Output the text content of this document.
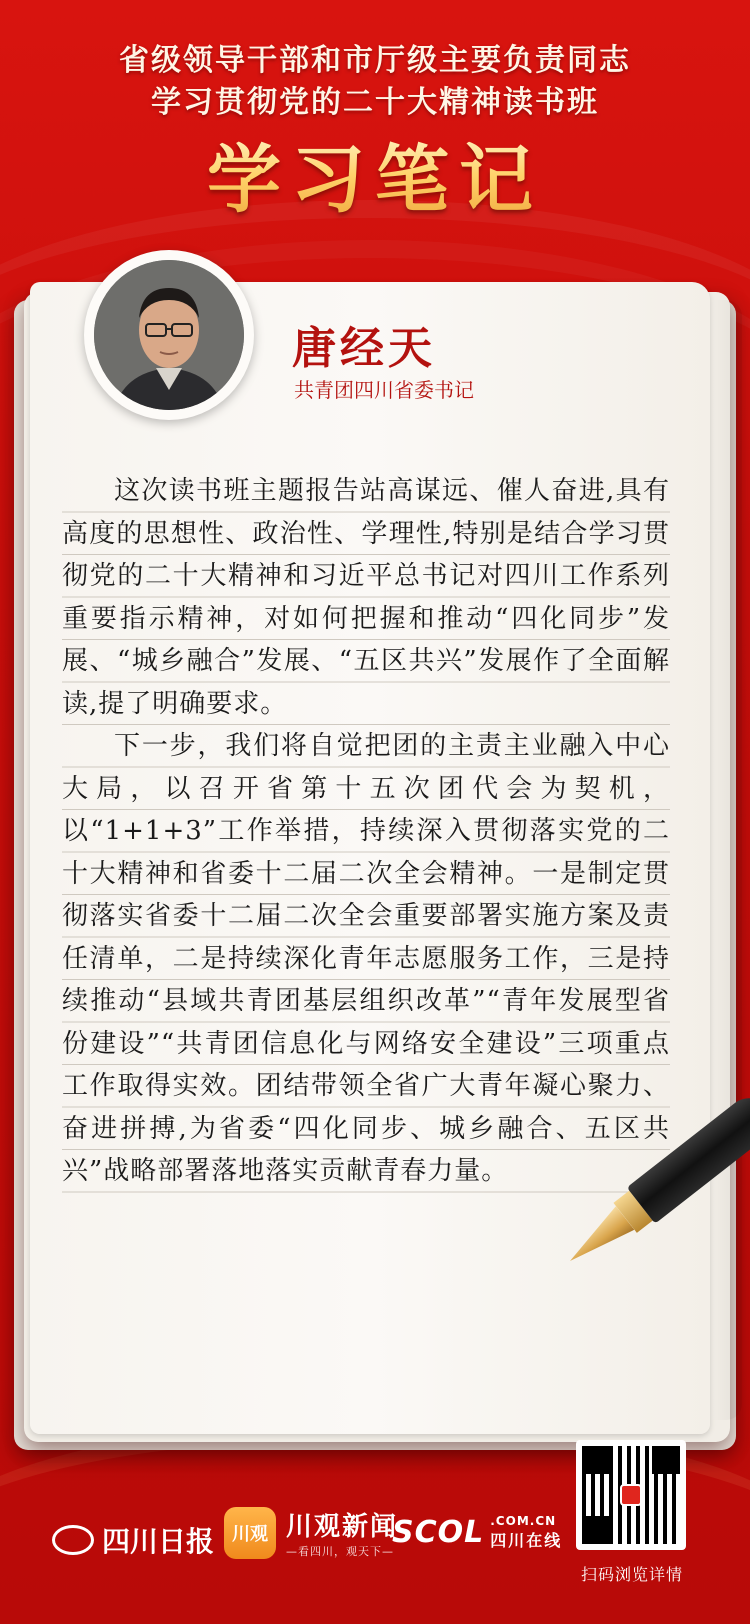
省级领导干部和市厅级主要负责同志
学习贯彻党的二十大精神读书班
学习笔记
唐经天
共青团四川省委书记

这次读书班主题报告站高谋远、催人奋进,具有高度的思想性、政治性、学理性,特别是结合学习贯彻党的二十大精神和习近平总书记对四川工作系列重要指示精神，对如何把握和推动“四化同步”发展、“城乡融合”发展、“五区共兴”发展作了全面解读,提了明确要求。

下一步，我们将自觉把团的主责主业融入中心大局，以召开省第十五次团代会为契机，以“1+1+3”工作举措，持续深入贯彻落实党的二十大精神和省委十二届二次全会精神。一是制定贯彻落实省委十二届二次全会重要部署实施方案及责任清单，二是持续深化青年志愿服务工作，三是持续推动“县域共青团基层组织改革”“青年发展型省份建设”“共青团信息化与网络安全建设”三项重点工作取得实效。团结带领全省广大青年凝心聚力、奋进拼搏,为省委“四化同步、城乡融合、五区共兴”战略部署落地落实贡献青春力量。

四川日报 川观 川观新闻
—看四川，观天下—
SCOL .COM.CN
四川在线
扫码浏览详情
